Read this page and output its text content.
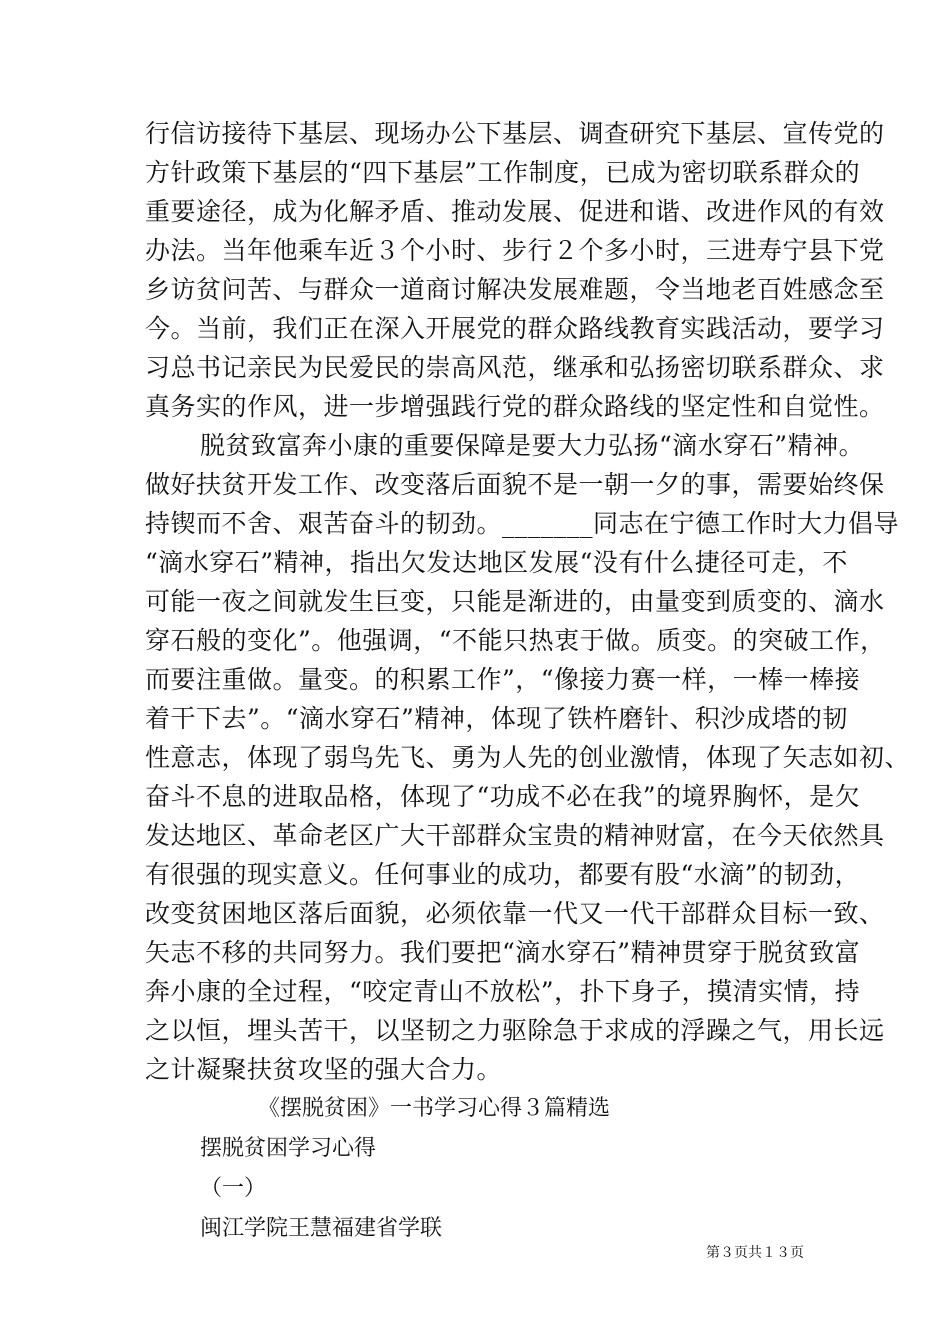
行信访接待下基层、现场办公下基层、调查研究下基层、宣传党的
方针政策下基层的“四下基层”工作制度，已成为密切联系群众的
重要途径，成为化解矛盾、推动发展、促进和谐、改进作风的有效
办法。当年他乘车近３个小时、步行２个多小时，三进寿宁县下党
乡访贫问苦、与群众一道商讨解决发展难题，令当地老百姓感念至
今。当前，我们正在深入开展党的群众路线教育实践活动，要学习
习总书记亲民为民爱民的崇高风范，继承和弘扬密切联系群众、求
真务实的作风，进一步增强践行党的群众路线的坚定性和自觉性。
脱贫致富奔小康的重要保障是要大力弘扬“滴水穿石”精神。
做好扶贫开发工作、改变落后面貌不是一朝一夕的事，需要始终保
持锲而不舍、艰苦奋斗的韧劲。_______同志在宁德工作时大力倡导
“滴水穿石”精神，指出欠发达地区发展“没有什么捷径可走，不
可能一夜之间就发生巨变，只能是渐进的，由量变到质变的、滴水
穿石般的变化”。他强调，“不能只热衷于做。质变。的突破工作，
而要注重做。量变。的积累工作”，“像接力赛一样，一棒一棒接
着干下去”。“滴水穿石”精神，体现了铁杵磨针、积沙成塔的韧
性意志，体现了弱鸟先飞、勇为人先的创业激情，体现了矢志如初、
奋斗不息的进取品格，体现了“功成不必在我”的境界胸怀，是欠
发达地区、革命老区广大干部群众宝贵的精神财富，在今天依然具
有很强的现实意义。任何事业的成功，都要有股“水滴”的韧劲，
改变贫困地区落后面貌，必须依靠一代又一代干部群众目标一致、
矢志不移的共同努力。我们要把“滴水穿石”精神贯穿于脱贫致富
奔小康的全过程，“咬定青山不放松”，扑下身子，摸清实情，持
之以恒，埋头苦干，以坚韧之力驱除急于求成的浮躁之气，用长远
之计凝聚扶贫攻坚的强大合力。
《摆脱贫困》一书学习心得３篇精选
摆脱贫困学习心得
（一）
闽江学院王慧福建省学联
第３页共１３页
